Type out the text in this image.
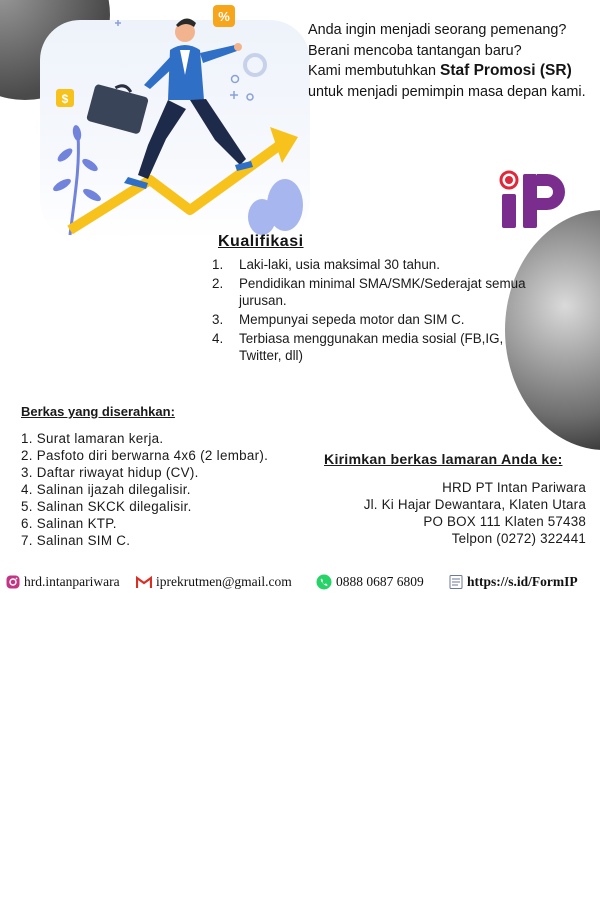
%
$
Anda ingin menjadi seorang pemenang?
Berani mencoba tantangan baru?
Kami membutuhkan Staf Promosi (SR)
untuk menjadi pemimpin masa depan kami.
iP
Kualifikasi
1.	Laki-laki, usia maksimal 30 tahun.
2.	Pendidikan minimal SMA/SMK/Sederajat semua jurusan.
3.	Mempunyai sepeda motor dan SIM C.
4.	Terbiasa menggunakan media sosial (FB,IG, Twitter, dll)
Berkas yang diserahkan:
1. Surat lamaran kerja.
2. Pasfoto diri berwarna 4x6 (2 lembar).
3. Daftar riwayat hidup (CV).
4. Salinan ijazah dilegalisir.
5. Salinan SKCK dilegalisir.
6. Salinan KTP.
7. Salinan SIM C.
Kirimkan berkas lamaran Anda ke:
HRD PT Intan Pariwara
Jl. Ki Hajar Dewantara, Klaten Utara
PO BOX 111 Klaten 57438
Telpon (0272) 322441
hrd.intanpariwara	iprekrutmen@gmail.com	0888 0687 6809	https://s.id/FormIP
